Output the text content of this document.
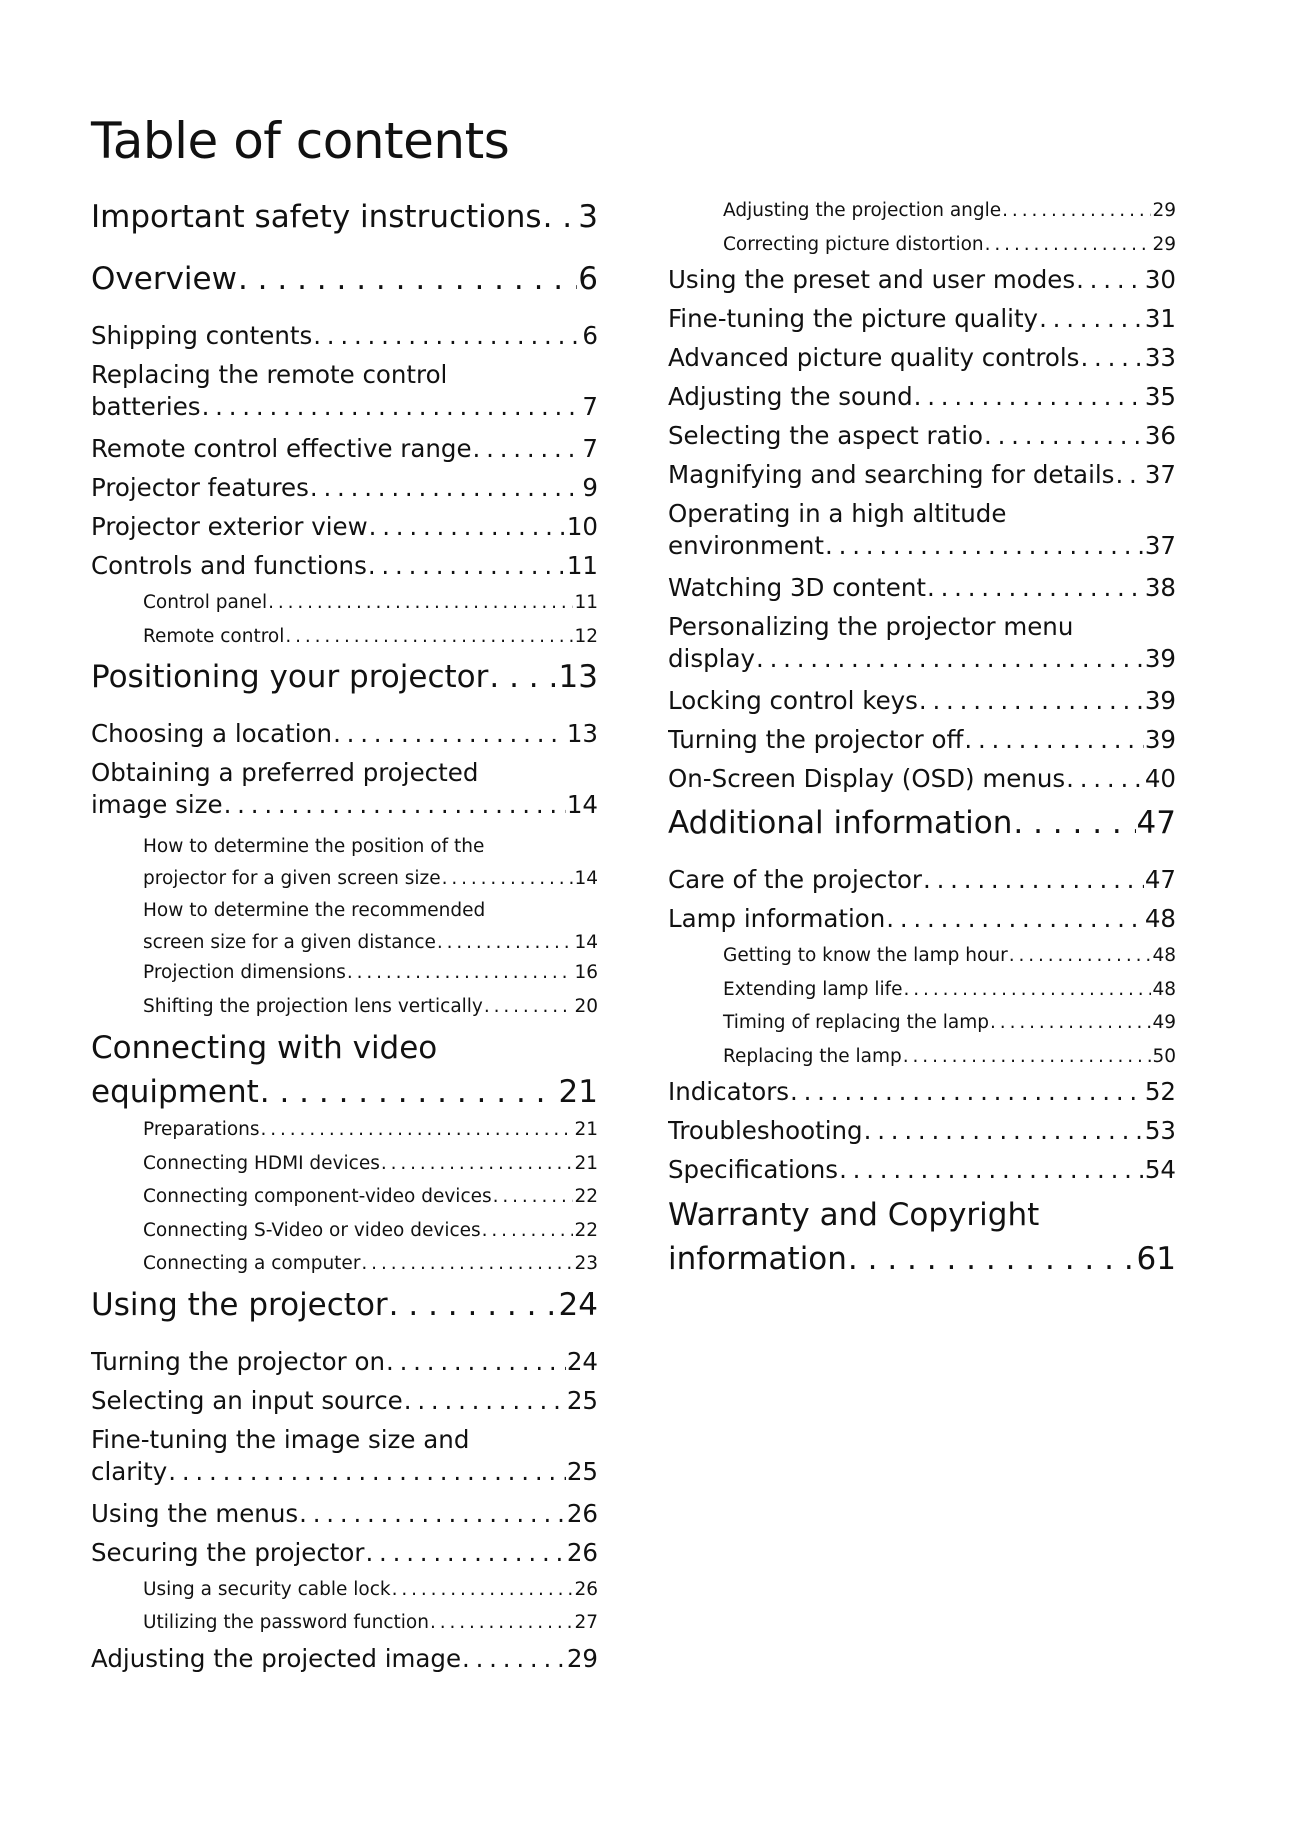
Table of contents
Important safety instructions . . . 3
Overview . . .	6
Shipping contents . . .	6
Replacing the remote control
batteries . . .	7
Remote control effective range . . .	7
Projector features . . .	9
Projector exterior view . . .	10
Controls and functions . . .	11
Control panel . . .	11
Remote control . . .	12
Positioning your projector . . . 13
Choosing a location . . .	13
Obtaining a preferred projected
image size . . .	14
How to determine the position of the
projector for a given screen size . . .	14
How to determine the recommended
screen size for a given distance . . .	14
Projection dimensions . . .	16
Shifting the projection lens vertically . . .	20
Connecting with video
equipment . . .	21
Preparations . . .	21
Connecting HDMI devices . . .	21
Connecting component-video devices . . .	22
Connecting S-Video or video devices . . .	22
Connecting a computer . . .	23
Using the projector . . .	24
Turning the projector on . . .	24
Selecting an input source . . .	25
Fine-tuning the image size and
clarity . . .	25
Using the menus . . .	26
Securing the projector . . .	26
Using a security cable lock . . .	26
Utilizing the password function . . .	27
Adjusting the projected image . . .	29
Adjusting the projection angle . . .	29
Correcting picture distortion . . .	29
Using the preset and user modes . . .	30
Fine-tuning the picture quality . . .	31
Advanced picture quality controls . . .	33
Adjusting the sound . . .	35
Selecting the aspect ratio . . .	36
Magnifying and searching for details . . . 37
Operating in a high altitude
environment . . .	37
Watching 3D content . . .	38
Personalizing the projector menu
display . . .	39
Locking control keys . . .	39
Turning the projector off . . .	39
On-Screen Display (OSD) menus . . .	40
Additional information . . .	47
Care of the projector . . .	47
Lamp information . . .	48
Getting to know the lamp hour . . .	48
Extending lamp life . . .	48
Timing of replacing the lamp . . .	49
Replacing the lamp . . .	50
Indicators . . .	52
Troubleshooting . . .	53
Specifications . . .	54
Warranty and Copyright
information . . .	61
